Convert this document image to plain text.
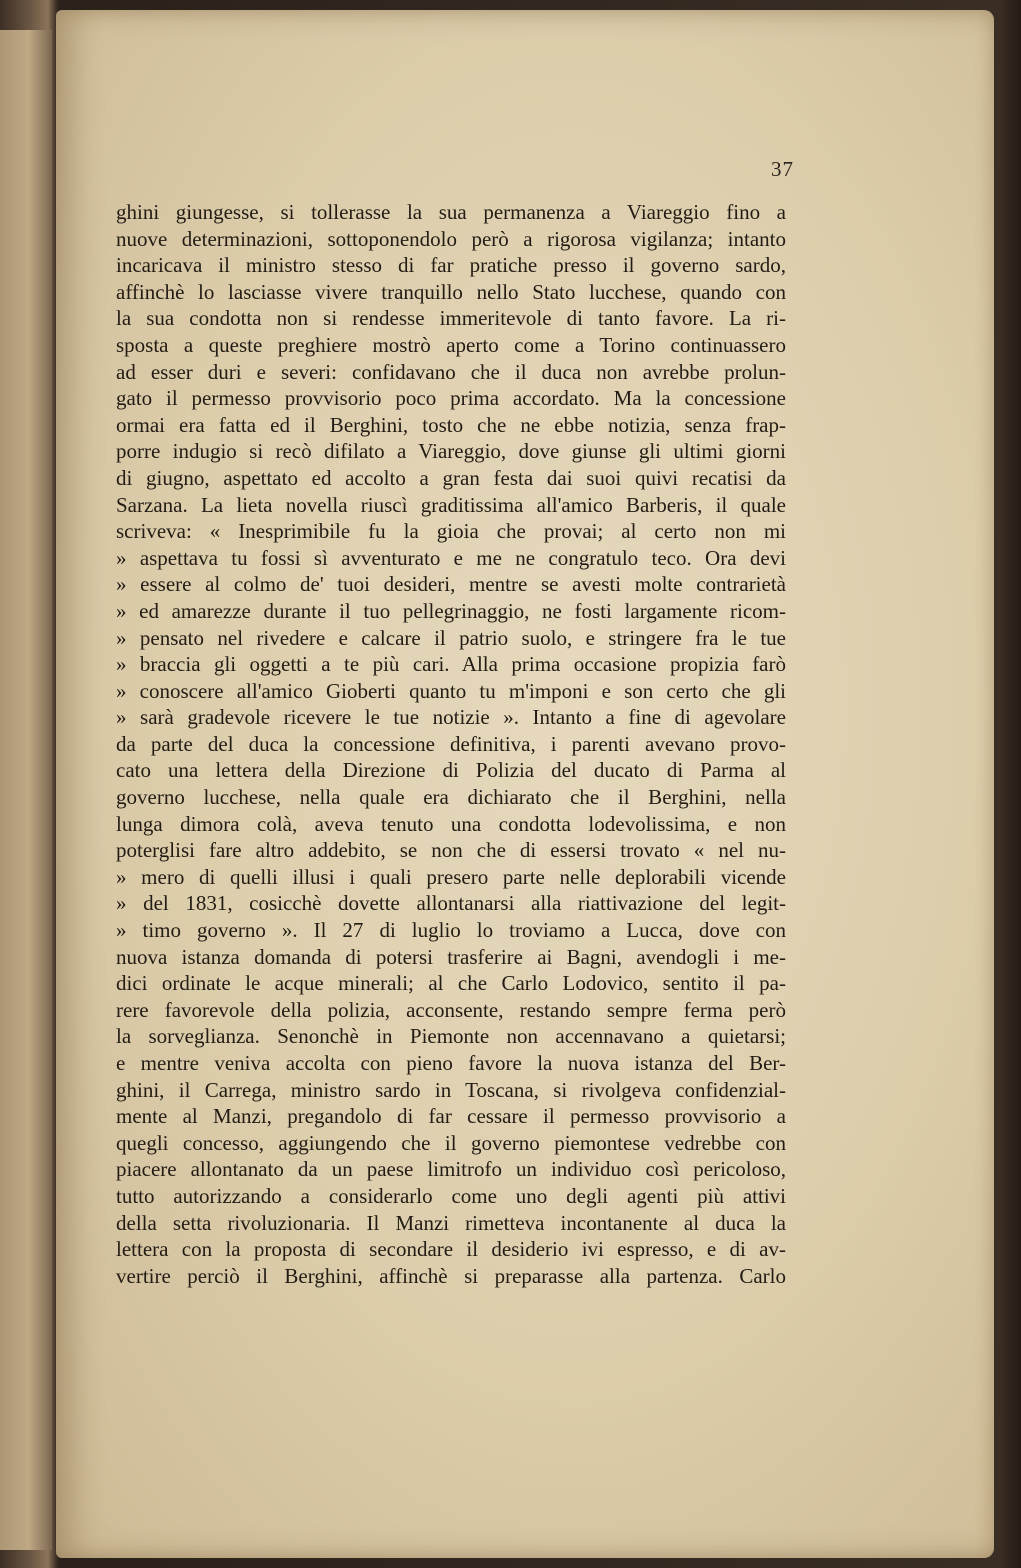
37
ghini giungesse, si tollerasse la sua permanenza a Viareggio fino a
nuove determinazioni, sottoponendolo però a rigorosa vigilanza; intanto
incaricava il ministro stesso di far pratiche presso il governo sardo,
affinchè lo lasciasse vivere tranquillo nello Stato lucchese, quando con
la sua condotta non si rendesse immeritevole di tanto favore. La ri-
sposta a queste preghiere mostrò aperto come a Torino continuassero
ad esser duri e severi: confidavano che il duca non avrebbe prolun-
gato il permesso provvisorio poco prima accordato. Ma la concessione
ormai era fatta ed il Berghini, tosto che ne ebbe notizia, senza frap-
porre indugio si recò difilato a Viareggio, dove giunse gli ultimi giorni
di giugno, aspettato ed accolto a gran festa dai suoi quivi recatisi da
Sarzana. La lieta novella riuscì graditissima all'amico Barberis, il quale
scriveva: « Inesprimibile fu la gioia che provai; al certo non mi
» aspettava tu fossi sì avventurato e me ne congratulo teco. Ora devi
» essere al colmo de' tuoi desideri, mentre se avesti molte contrarietà
» ed amarezze durante il tuo pellegrinaggio, ne fosti largamente ricom-
» pensato nel rivedere e calcare il patrio suolo, e stringere fra le tue
» braccia gli oggetti a te più cari. Alla prima occasione propizia farò
» conoscere all'amico Gioberti quanto tu m'imponi e son certo che gli
» sarà gradevole ricevere le tue notizie ». Intanto a fine di agevolare
da parte del duca la concessione definitiva, i parenti avevano provo-
cato una lettera della Direzione di Polizia del ducato di Parma al
governo lucchese, nella quale era dichiarato che il Berghini, nella
lunga dimora colà, aveva tenuto una condotta lodevolissima, e non
poterglisi fare altro addebito, se non che di essersi trovato « nel nu-
» mero di quelli illusi i quali presero parte nelle deplorabili vicende
» del 1831, cosicchè dovette allontanarsi alla riattivazione del legit-
» timo governo ». Il 27 di luglio lo troviamo a Lucca, dove con
nuova istanza domanda di potersi trasferire ai Bagni, avendogli i me-
dici ordinate le acque minerali; al che Carlo Lodovico, sentito il pa-
rere favorevole della polizia, acconsente, restando sempre ferma però
la sorveglianza. Senonchè in Piemonte non accennavano a quietarsi;
e mentre veniva accolta con pieno favore la nuova istanza del Ber-
ghini, il Carrega, ministro sardo in Toscana, si rivolgeva confidenzial-
mente al Manzi, pregandolo di far cessare il permesso provvisorio a
quegli concesso, aggiungendo che il governo piemontese vedrebbe con
piacere allontanato da un paese limitrofo un individuo così pericoloso,
tutto autorizzando a considerarlo come uno degli agenti più attivi
della setta rivoluzionaria. Il Manzi rimetteva incontanente al duca la
lettera con la proposta di secondare il desiderio ivi espresso, e di av-
vertire perciò il Berghini, affinchè si preparasse alla partenza. Carlo
